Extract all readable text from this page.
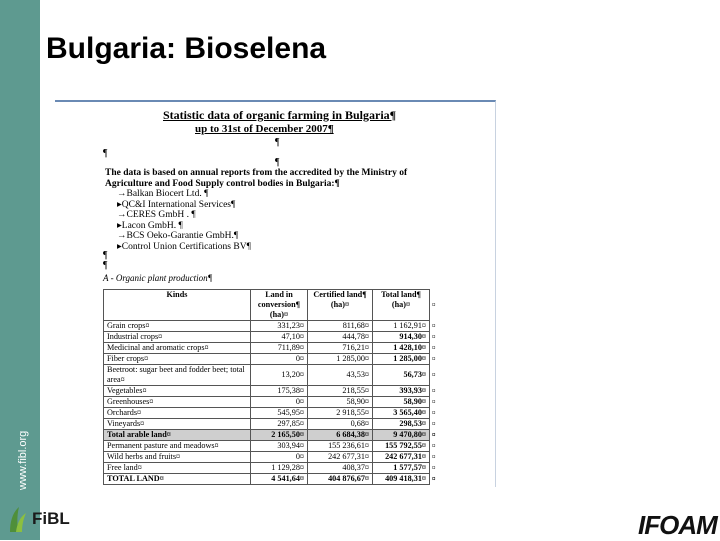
www.fibl.org
Bulgaria: Bioselena
Statistic data of organic farming in Bulgaria¶
up to 31st of December 2007¶
¶
¶
¶
The data is based on annual reports from the accredited by the Ministry of Agriculture and Food Supply control bodies in Bulgaria:¶
→Balkan Biocert Ltd. ¶
▸QC&I International Services¶
→CERES GmbH . ¶
▸Lacon GmbH. ¶
→BCS Oeko-Garantie GmbH.¶
▸Control Union Certifications BV¶
¶
¶
A - Organic plant production¶
Kinds	Land in conversion¶ (ha)¤	Certified land¶ (ha)¤	Total land¶ (ha)¤	¤
Grain crops¤	331,23¤	811,68¤	1 162,91¤	¤
Industrial crops¤	47,10¤	444,78¤	914,30¤	¤
Medicinal and aromatic crops¤	711,89¤	716,21¤	1 428,10¤	¤
Fiber crops¤	0¤	1 285,00¤	1 285,00¤	¤
Beetroot: sugar beet and fodder beet; total area¤	13,20¤	43,53¤	56,73¤	¤
Vegetables¤	175,38¤	218,55¤	393,93¤	¤
Greenhouses¤	0¤	58,90¤	58,90¤	¤
Orchards¤	545,95¤	2 918,55¤	3 565,40¤	¤
Vineyards¤	297,85¤	0,68¤	298,53¤	¤
Total arable land¤	2 165,50¤	6 684,38¤	9 470,80¤	¤
Permanent pasture and meadows¤	303,94¤	155 236,61¤	155 792,55¤	¤
Wild herbs and fruits¤	0¤	242 677,31¤	242 677,31¤	¤
Free land¤	1 129,28¤	408,37¤	1 577,57¤	¤
TOTAL LAND¤	4 541,64¤	404 876,67¤	409 418,31¤	¤
FiBL	IFOAM
